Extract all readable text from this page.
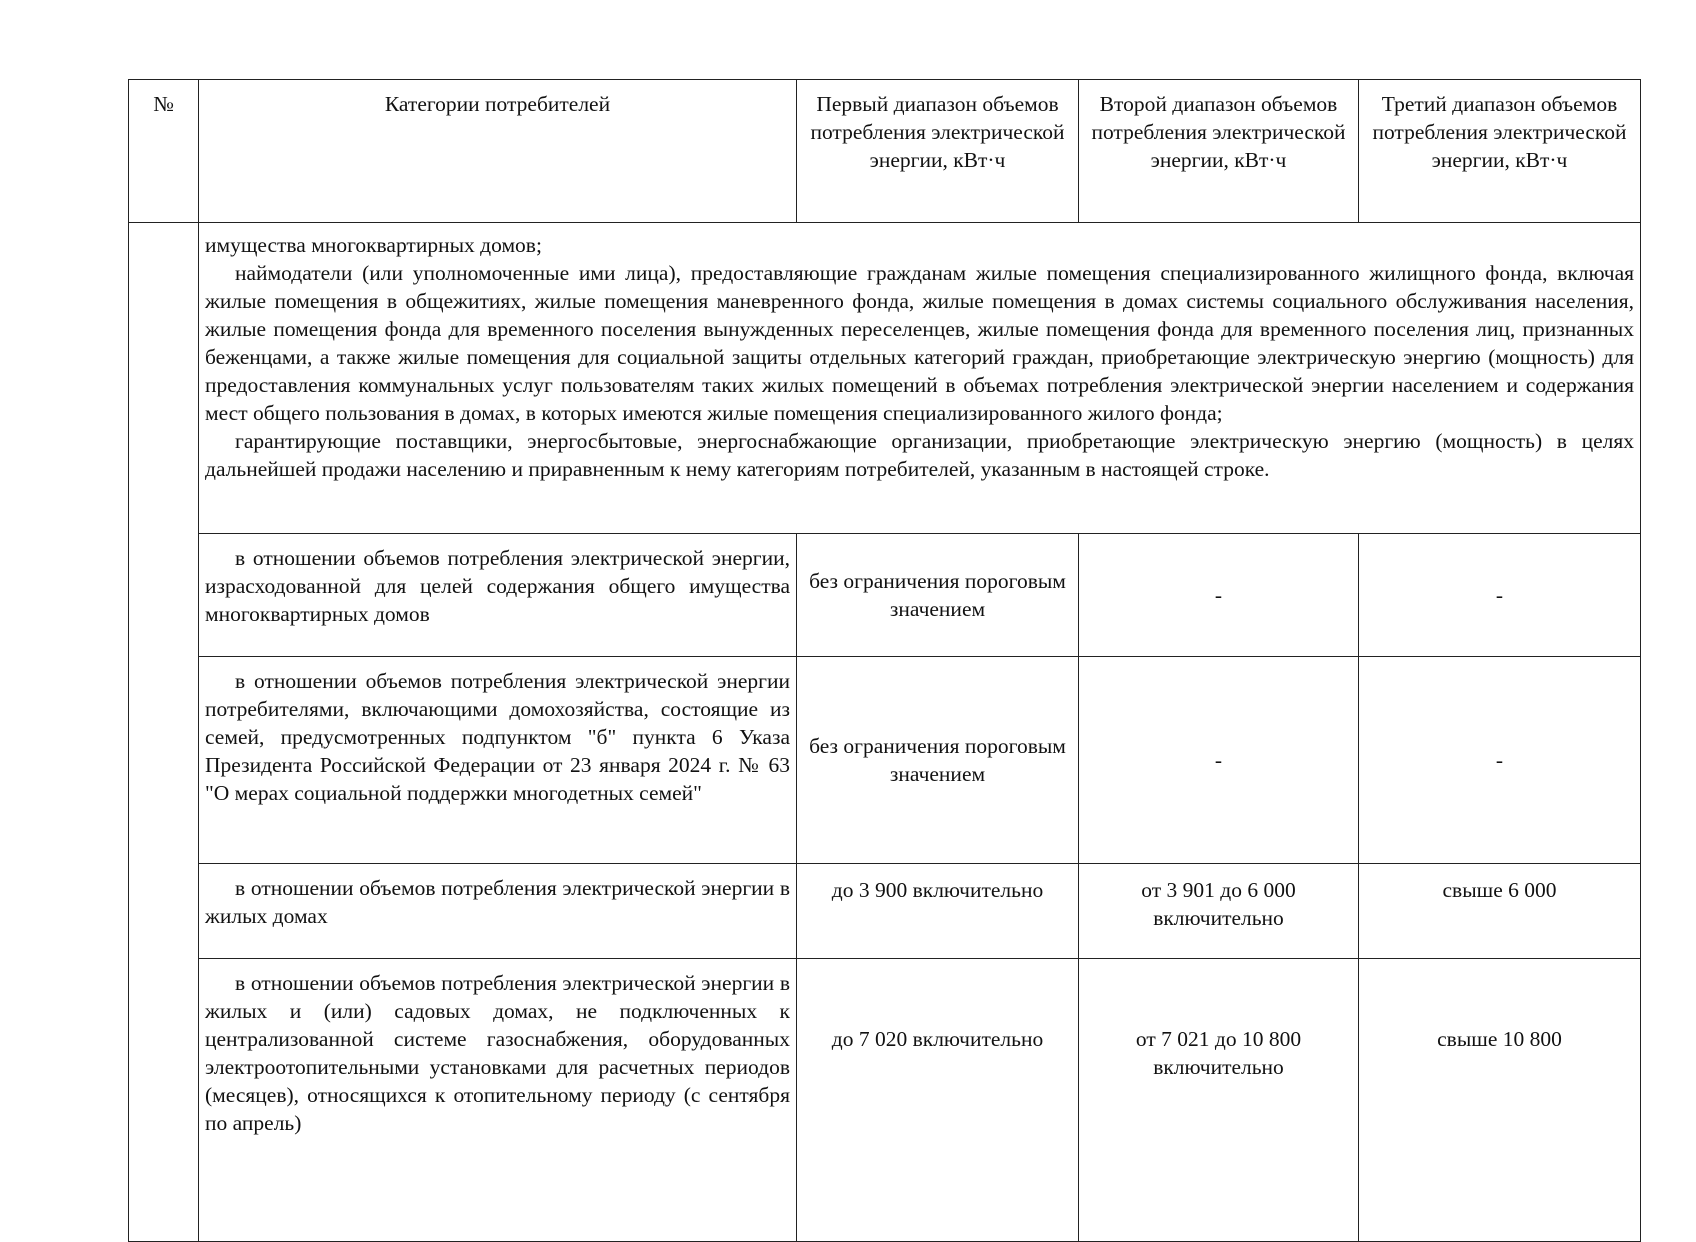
№	Категории потребителей	Первый диапазон объемов потребления электрической энергии, кВт·ч	Второй диапазон объемов потребления электрической энергии, кВт·ч	Третий диапазон объемов потребления электрической энергии, кВт·ч

	имущества многоквартирных домов;

наймодатели (или уполномоченные ими лица), предоставляющие гражданам жилые помещения специализированного жилищного фонда, включая жилые помещения в общежитиях, жилые помещения маневренного фонда, жилые помещения в домах системы социального обслуживания населения, жилые помещения фонда для временного поселения вынужденных переселенцев, жилые помещения фонда для временного поселения лиц, признанных беженцами, а также жилые помещения для социальной защиты отдельных категорий граждан, приобретающие электрическую энергию (мощность) для предоставления коммунальных услуг пользователям таких жилых помещений в объемах потребления электрической энергии населением и содержания мест общего пользования в домах, в которых имеются жилые помещения специализированного жилого фонда;

гарантирующие поставщики, энергосбытовые, энергоснабжающие организации, приобретающие электрическую энергию (мощность) в целях дальнейшей продажи населению и приравненным к нему категориям потребителей, указанным в настоящей строке.			

	в отношении объемов потребления электрической энергии, израсходованной для целей содержания общего имущества многоквартирных домов	без ограничения пороговым значением	-	-

	в отношении объемов потребления электрической энергии потребителями, включающими домохозяйства, состоящие из семей, предусмотренных подпунктом "б" пункта 6 Указа Президента Российской Федерации от 23 января 2024 г. № 63 "О мерах социальной поддержки многодетных семей"	без ограничения пороговым значением	-	-

	в отношении объемов потребления электрической энергии в жилых домах	до 3 900 включительно	от 3 901 до 6 000 включительно	свыше 6 000

	в отношении объемов потребления электрической энергии в жилых и (или) садовых домах, не подключенных к централизованной системе газоснабжения, оборудованных электроотопительными установками для расчетных периодов (месяцев), относящихся к отопительному периоду (с сентября по апрель)	до 7 020 включительно	от 7 021 до 10 800 включительно	свыше 10 800
